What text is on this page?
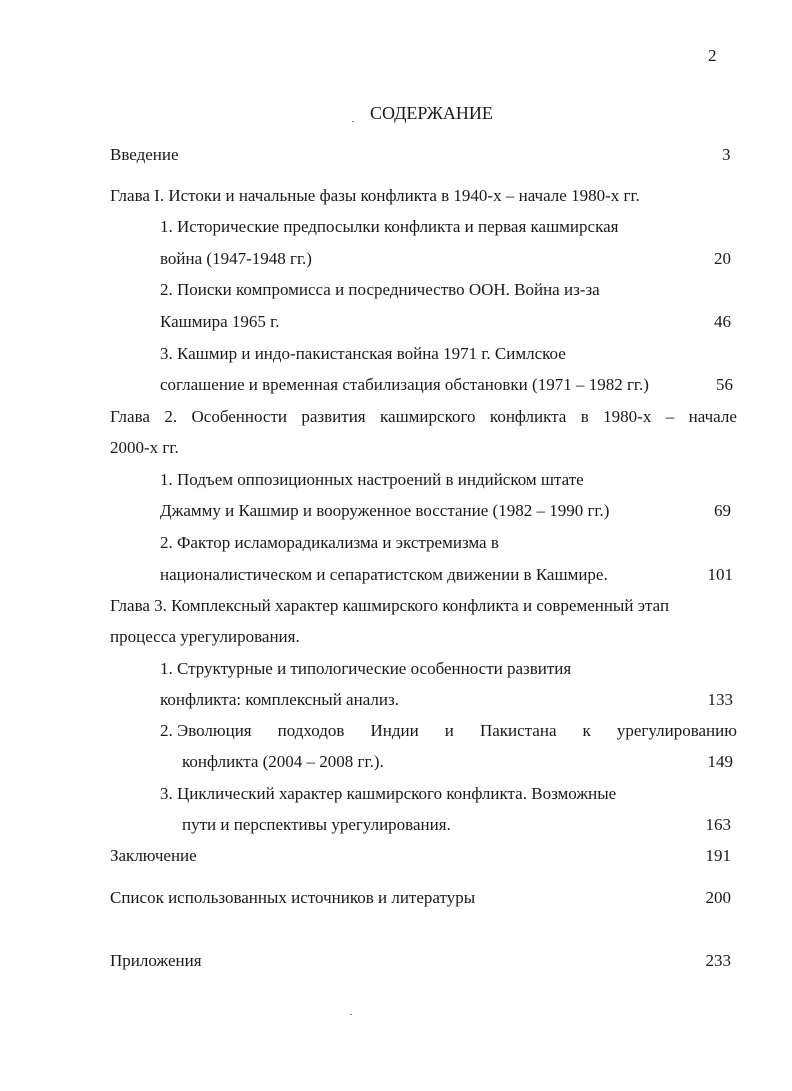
2
СОДЕРЖАНИЕ
Введение	3
Глава I. Истоки и начальные фазы конфликта в 1940-х – начале 1980-х гг.
1. Исторические предпосылки конфликта и первая кашмирская
война (1947-1948 гг.)	20
2. Поиски компромисса и посредничество ООН. Война из-за
Кашмира 1965 г.	46
3. Кашмир и индо-пакистанская война 1971 г. Симлское
соглашение и временная стабилизация обстановки (1971 – 1982 гг.)	56
Глава 2. Особенности развития кашмирского конфликта в 1980-х – начале
2000-х гг.
1. Подъем оппозиционных настроений в индийском штате
Джамму и Кашмир и вооруженное восстание (1982 – 1990 гг.)	69
2. Фактор исламорадикализма и экстремизма в
националистическом и сепаратистском движении в Кашмире.	101
Глава 3. Комплексный характер кашмирского конфликта и современный этап
процесса урегулирования.
1. Структурные и типологические особенности развития
конфликта: комплексный анализ.	133
2. Эволюция подходов Индии и Пакистана к урегулированию
конфликта (2004 – 2008 гг.).	149
3. Циклический характер кашмирского конфликта. Возможные
пути и перспективы урегулирования.	163
Заключение	191
Список использованных источников и литературы	200
Приложения	233
